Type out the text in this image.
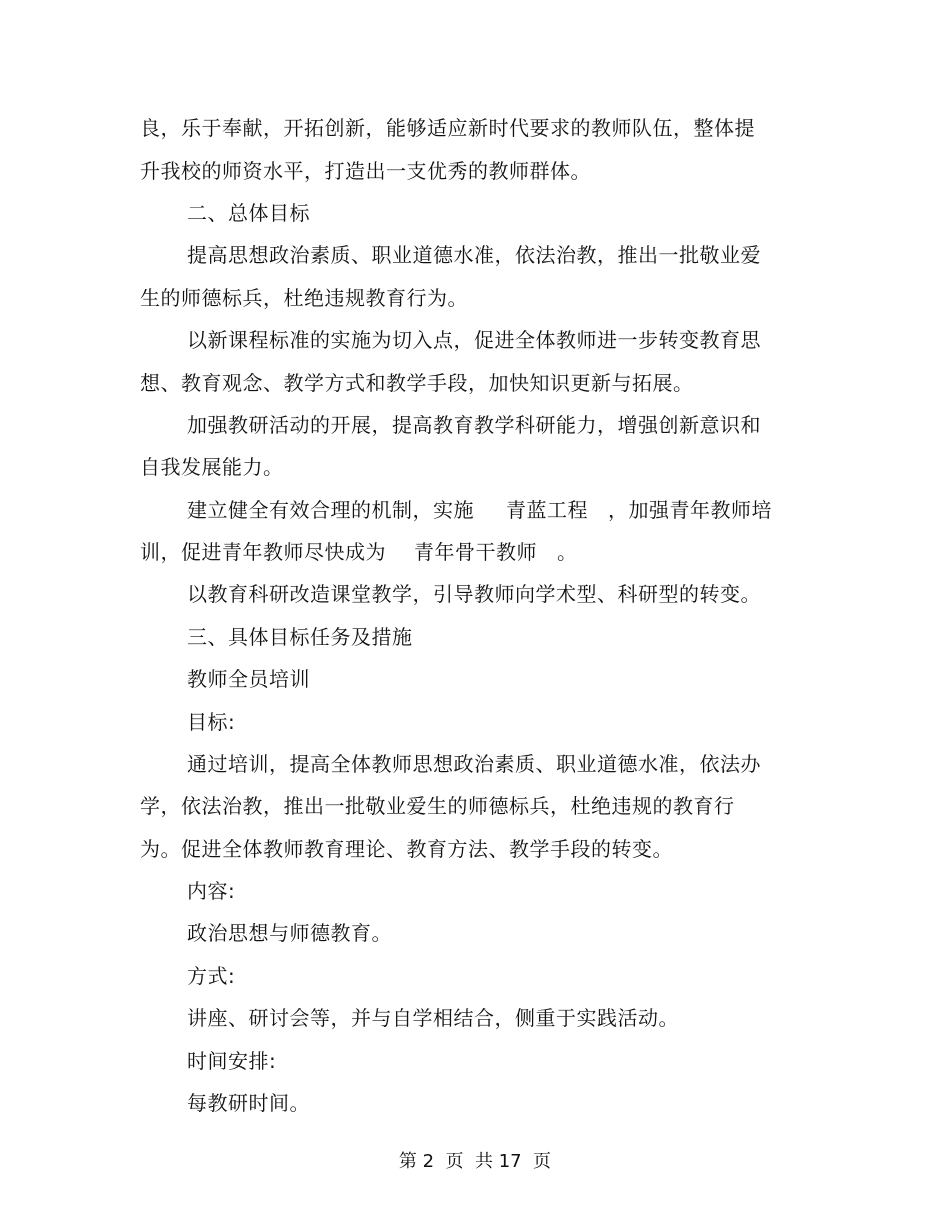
良，乐于奉献，开拓创新，能够适应新时代要求的教师队伍，整体提
升我校的师资水平，打造出一支优秀的教师群体。
二、总体目标
提高思想政治素质、职业道德水准，依法治教，推出一批敬业爱
生的师德标兵，杜绝违规教育行为。
以新课程标准的实施为切入点，促进全体教师进一步转变教育思
想、教育观念、教学方式和教学手段，加快知识更新与拓展。
加强教研活动的开展，提高教育教学科研能力，增强创新意识和
自我发展能力。
建立健全有效合理的机制，实施 青蓝工程 ，加强青年教师培
训，促进青年教师尽快成为 青年骨干教师 。
以教育科研改造课堂教学，引导教师向学术型、科研型的转变。
三、具体目标任务及措施
教师全员培训
目标:
通过培训，提高全体教师思想政治素质、职业道德水准，依法办
学，依法治教，推出一批敬业爱生的师德标兵，杜绝违规的教育行
为。促进全体教师教育理论、教育方法、教学手段的转变。
内容:
政治思想与师德教育。
方式:
讲座、研讨会等，并与自学相结合，侧重于实践活动。
时间安排:
每教研时间。
第 2  页  共 17  页
